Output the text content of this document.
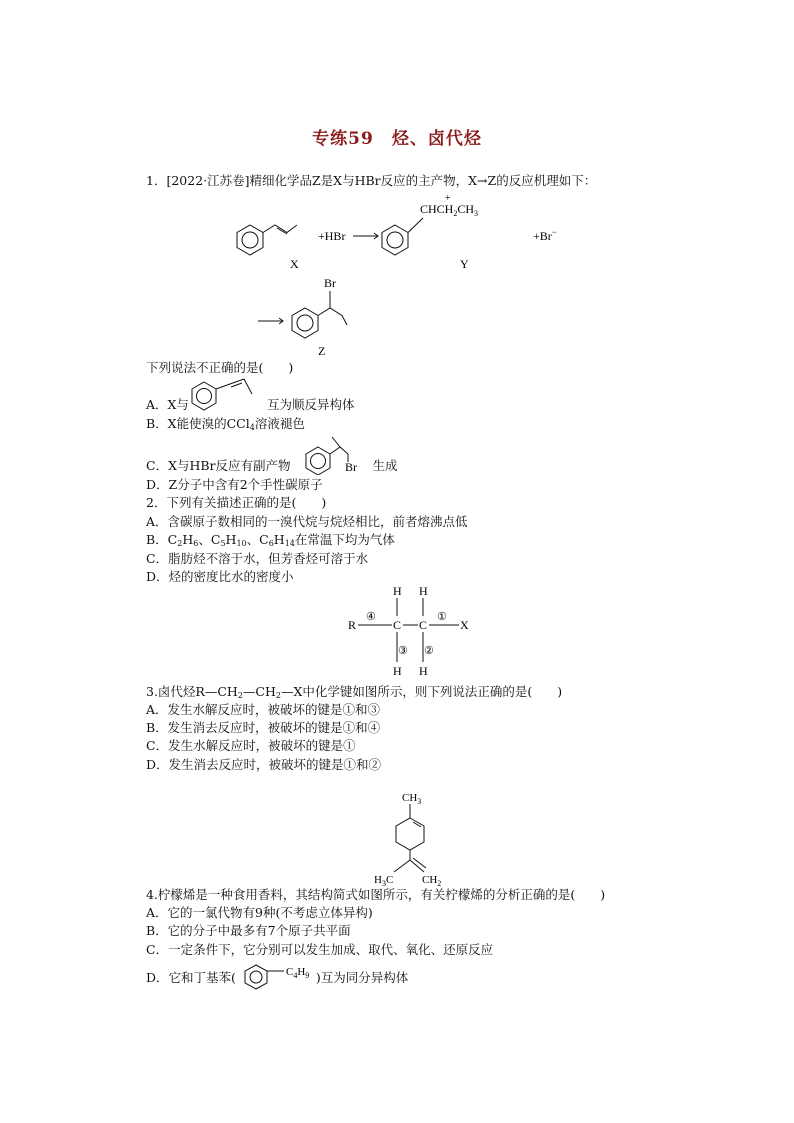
专练59　烃、卤代烃
1．[2022·江苏卷]精细化学品Z是X与HBr反应的主产物，X→Z的反应机理如下：
X
+HBr
+
$CHCH_2CH_3$
Y
+Br−
Br
Z
下列说法不正确的是(　　)
A．X与	互为顺反异构体
B．X能使溴的CCl$_4$溶液褪色
C．X与HBr反应有副产物	生成
Br
D．Z分子中含有2个手性碳原子
2．下列有关描述正确的是(　　)
A．含碳原子数相同的一溴代烷与烷烃相比，前者熔沸点低
B．$C_2H_6$、$C_5H_{10}$、$C_6H_{14}$在常温下均为气体
C．脂肪烃不溶于水，但芳香烃可溶于水
D．烃的密度比水的密度小
R
H H
C C
H H
X
④	①
③ ②
3.卤代烃$R—CH_2—CH_2—X$中化学键如图所示，则下列说法正确的是(　　)
A．发生水解反应时，被破坏的键是①和③
B．发生消去反应时，被破坏的键是①和④
C．发生水解反应时，被破坏的键是①
D．发生消去反应时，被破坏的键是①和②
$CH_3$
$H_3C$	$CH_2$
4.柠檬烯是一种食用香料，其结构简式如图所示，有关柠檬烯的分析正确的是(　　)
A．它的一氯代物有9种(不考虑立体异构)
B．它的分子中最多有7个原子共平面
C．一定条件下，它分别可以发生加成、取代、氧化、还原反应
D．它和丁基苯(	)互为同分异构体
$C_4H_9$
